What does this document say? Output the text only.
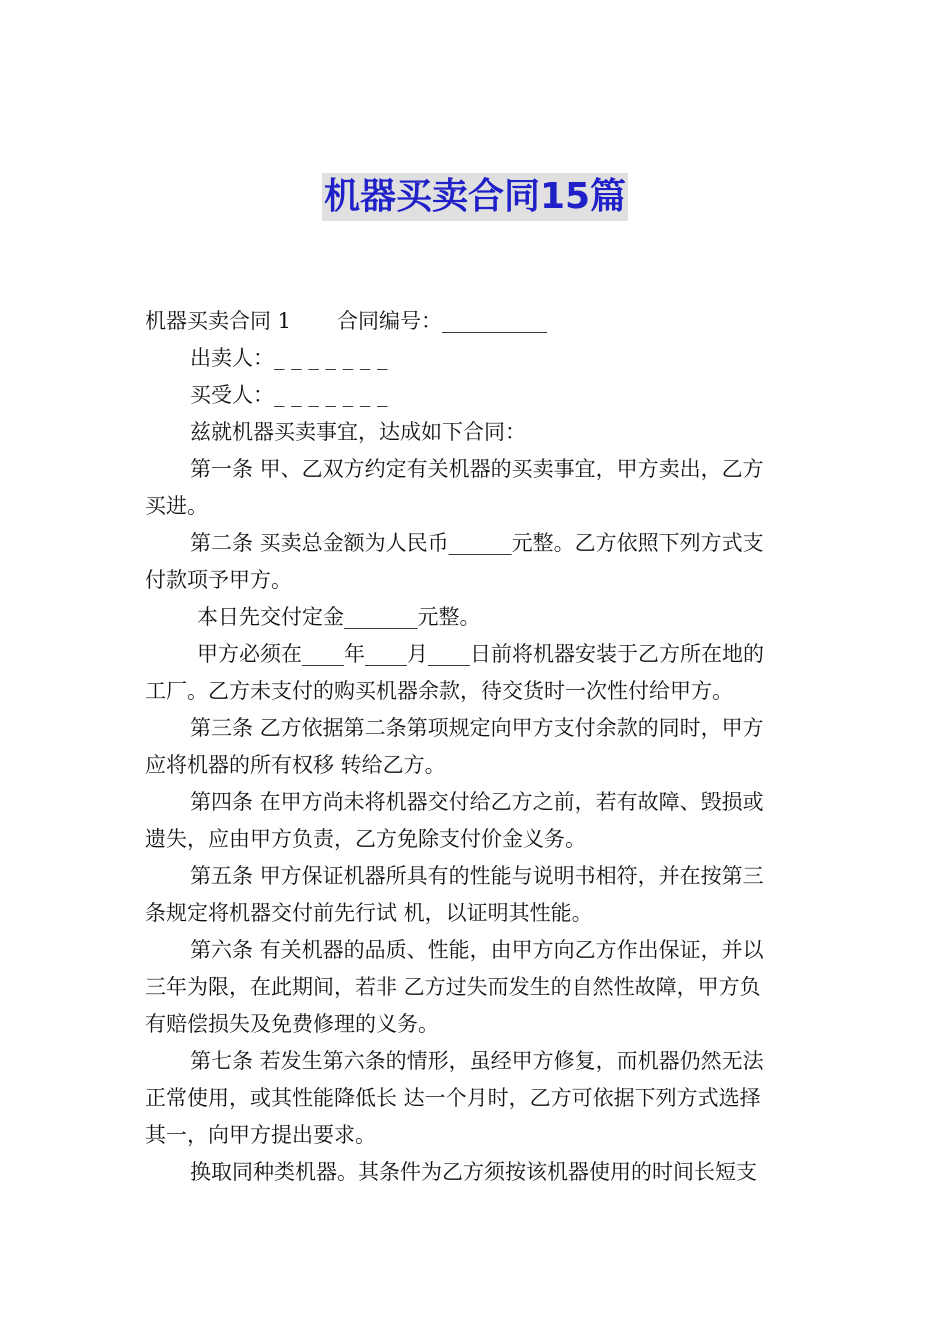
机器买卖合同15篇
机器买卖合同 1 合同编号：__________
出卖人：_ _ _ _ _ _ _
买受人：_ _ _ _ _ _ _
兹就机器买卖事宜，达成如下合同：
第一条 甲、乙双方约定有关机器的买卖事宜，甲方卖出，乙方
买进。
第二条 买卖总金额为人民币______元整。乙方依照下列方式支
付款项予甲方。
本日先交付定金_______元整。
甲方必须在____年____月____日前将机器安装于乙方所在地的
工厂。乙方未支付的购买机器余款，待交货时一次性付给甲方。
第三条 乙方依据第二条第项规定向甲方支付余款的同时，甲方
应将机器的所有权移 转给乙方。
第四条 在甲方尚未将机器交付给乙方之前，若有故障、毁损或
遗失，应由甲方负责，乙方免除支付价金义务。
第五条 甲方保证机器所具有的性能与说明书相符，并在按第三
条规定将机器交付前先行试 机，以证明其性能。
第六条 有关机器的品质、性能，由甲方向乙方作出保证，并以
三年为限，在此期间，若非 乙方过失而发生的自然性故障，甲方负
有赔偿损失及免费修理的义务。
第七条 若发生第六条的情形，虽经甲方修复，而机器仍然无法
正常使用，或其性能降低长 达一个月时，乙方可依据下列方式选择
其一，向甲方提出要求。
换取同种类机器。其条件为乙方须按该机器使用的时间长短支
